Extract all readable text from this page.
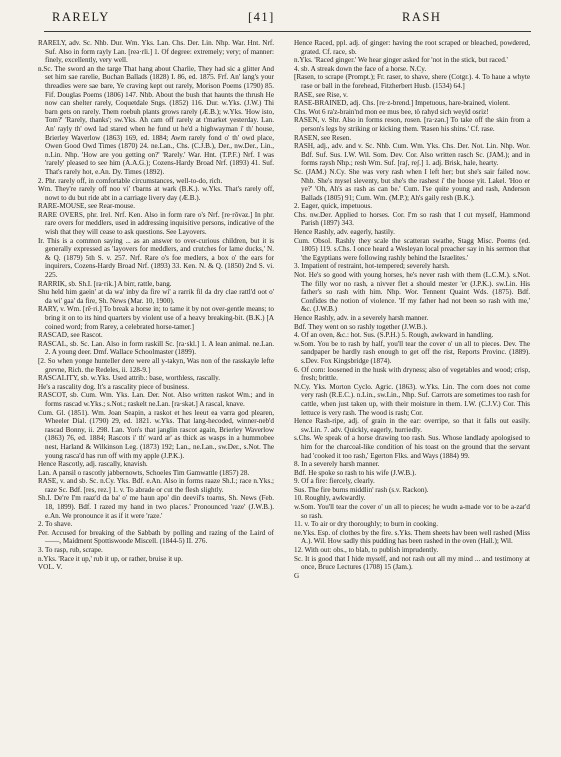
RARELY	[41]	RASH

RARELY, adv. Sc. Nhb. Dur. Wm. Yks. Lan. Chs. Der. Lin. Nhp. War. Hnt. Nrf. Suf. Also in form rayly Lan. [reə·rli.] 1. Of degree: extremely; very; of manner: finely, excellently, very well.

n.Sc. The sword an the targe That hang about Charlie, They had sic a glitter And set him sae rarelie, Buchan Ballads (1828) I. 86, ed. 1875. Frf. An' lang's your threadies were sae bare, Ye craving kept out rarely, Morison Poems (1790) 85. Fif. Douglas Poems (1806) 147. Nhb. About the bush that haunts the thrush He now can shelter rarely, Coquetdale Sngs. (1852) 116. Dur. w.Yks. (J.W.) Thi barn gets on rarely. Them roebuh plants grows rarely (Æ.B.); w.Yks. 'How isto, Tom?' 'Rarely, thanks'; sw.Yks. Ah cam off rarely at t'market yesterday. Lan. An' rayly th' owd lad stared when he fund ut he'd a highwayman i' th' house, Brierley Waverlow (1863) 169, ed. 1884; Awm rarely fond o' th' owd place, Owen Good Owd Times (1870) 24. ne.Lan., Chs. (C.J.B.), Der., nw.Der., Lin., n.Lin. Nhp. 'How are you getting on?' 'Rarely.' War. Hnt. (T.P.F.) Nrf. I was 'rarely' pleased to see him (A.A.G.); Cozens-Hardy Broad Nrf. (1893) 41. Suf. That's rarely hot, e.An. Dy. Times (1892).

2. Phr. rarely off, in comfortable circumstances, well-to-do, rich.

Wm. They're rarely off noo vi' t'barns at wark (B.K.). w.Yks. That's rarely off, nowt to du but ride abt in a carriage livery day (Æ.B.).

RARE-MOUSE, see Rear-mouse.

RARE OVERS, phr. Irel. Nrf. Ken. Also in form rare o's Nrf. [re·rōvəz.] In phr. rare overs for meddlers, used in addressing inquisitive persons, indicative of the wish that they will cease to ask questions. See Layovers.

Ir. This is a common saying ... as an answer to over-curious children, but it is generally expressed as 'layovers for meddlers, and crutches for lame ducks,' N. & Q. (1879) 5th S. v. 257. Nrf. Rare o's foe medlers, a box o' the ears for inquirers, Cozens-Hardy Broad Nrf. (1893) 33. Ken. N. & Q. (1850) 2nd S. vi. 225.

RARRIK, sb. Sh.I. [ra·rik.] A birr, rattle, bang.

Shu held him gaein' at da wa' inby da fire wi' a rarrik fil da dry clae rattl'd oot o' da wi' gaa' da fire, Sh. News (Mar. 10, 1900).

RARY, v. Wm. [rē·ri.] To break a horse in; to tame it by not over-gentle means; to bring it on to its hind quarters by violent use of a heavy breaking-bit. (B.K.) [A coined word; from Rarey, a celebrated horse-tamer.]

RASCAD, see Rascot.

RASCAL, sb. Sc. Lan. Also in form raskill Sc. [ra·skl.] 1. A lean animal. ne.Lan. 2. A young deer. Dmf. Wallace Schoolmaster (1899).

[2. So when yonge hunteller dere were all y-takyn, Was non of the rasskayle lefte grevne, Rich. the Redeles, ii. 128-9.]

RASCALITY, sb. w.Yks. Used attrib.: base, worthless, rascally.

He's a rascality dog. It's a rascality piece of business.

RASCOT, sb. Cum. Wm. Yks. Lan. Der. Not. Also written raskot Wm.; and in forms rascad w.Yks.; s.Not.; raskelt ne.Lan. [ra·skət.] A rascal, knave.

Cum. Gl. (1851). Wm. Joan Seapin, a raskot et hes leeut ea varra god plearen, Wheeler Dial. (1790) 29, ed. 1821. w.Yks. That lang-hecoded, winner-neb'd rascad Bonny, ii. 298. Lan. Yon's that janglin rascot again, Brierley Waverlow (1863) 76, ed. 1884; Rascots i' th' ward ar' as thick as wasps in a hummobee nest, Harland & Wilkinson Leg. (1873) 192; Lan., ne.Lan., sw.Der., s.Not. The young rasca'd has run off with my apple (J.P.K.).

Hence Rascotly, adj. rascally, knavish.

Lan. A pansil o rascotly jabbernowts, Schoeles Tim Gamwattle (1857) 28.

RASE, v. and sb. Sc. n.Cy. Yks. Bdf. e.An. Also in forms raaze Sh.I.; race n.Yks.; raze Sc. Bdf. [res, rez.] 1. v. To abrade or cut the flesh slightly.

Sh.I. De're I'm raaz'd da ba' o' me haun apo' din deevil's toarns, Sh. News (Feb. 18, 1899). Bdf. I razed my hand in two places.' Pronounced 'raze' (J.W.B.). e.An. We pronounce it as if it were 'raze.'

2. To shave.

Per. Accused for breaking of the Sabbath by polling and razing of the Laird of ——, Maidment Spottiswoode Miscell. (1844-5) II. 276.

3. To rasp, rub, scrape.

n.Yks. 'Race it up,' rub it up, or rather, bruise it up.

VOL. V.

Hence Raced, ppl. adj. of ginger: having the root scraped or bleached, powdered, grated. Cf. race, sb.

n.Yks. 'Raced ginger.' We hear ginger asked for 'not in the stick, but raced.'

4. sb. A streak down the face of a horse. N.Cy.

[Rasen, to scrape (Prompt.); Fr. raser, to shave, shere (Cotgr.). 4. To haue a whyte rase or ball in the forehead, Fitzherbert Husb. (1534) 64.]

RASE, see Rise, v.

RASE-BRAINED, adj. Chs. [re·z-brend.] Impetuous, hare-brained, violent.

Chs. Wot 6 ra'z-brain'nd mon ee mus bee, tö rahyd sich weyld osriz!

RASEN, v. Shr. Also in forms reson, rosen. [ra·zən.] To take off the skin from a person's legs by striking or kicking them. 'Rasen his shins.' Cf. rase.

RASEN, see Resen.

RASH, adj., adv. and v. Sc. Nhb. Cum. Wm. Yks. Chs. Der. Not. Lin. Nhp. Wor. Bdf. Suf. Sus. I.W. Wil. Som. Dev. Cor. Also written rasch Sc. (JAM.); and in forms raysh Nhp.; resh Wm. Suf. [raʃ, reʃ.] 1. adj. Brisk, hale, hearty.

Sc. (JAM.) N.Cy. She was very rash when I left her; but she's sair failed now. Nhb. She's mysel sleventy, but she's the rashest i' the hoose yit. Lakel. 'Hoo er ye?' 'Oh, Ah's as rash as can be.' Cum. I'se quite young and rash, Anderson Ballads (1805) 91; Cum. Wm. (M.P.); Ah's gaily resh (B.K.).

2. Eager, quick, impetuous.

Chs. nw.Der. Applied to horses. Cor. I'm so rash that I cut myself, Hammond Parish (1897) 343.

Hence Rashly, adv. eagerly, hastily.

Cum. Obsol. Rashly they scale the scatteran swathe, Stagg Misc. Poems (ed. 1805) 119. s.Chs. I once heard a Wesleyan local preacher say in his sermon that 'the Egyptians were following rashly behind the Israelites.'

3. Impatient of restraint, hot-tempered; severely harsh.

Not. He's so good with young horses, he's never rash with them (L.C.M.). s.Not. The filly wor no rash, a nivver flet a should mester 'er (J.P.K.). sw.Lin. His father's so rash with him. Nhp. Wor. Tennent Quaint Wds. (1875). Bdf. Confides the notion of violence. 'If my father had not been so rash with me,' &c. (J.W.B.)

Hence Rashly, adv. in a severely harsh manner.

Bdf. They went on so rashly together (J.W.B.).

4. Of an oven, &c.: hot. Sus. (S.P.H.) 5. Rough, awkward in handling.

w.Som. You be to rash by half, you'll tear the cover o' un all to pieces. Dev. The sandpaper be hardly rash enough to get off the rist, Reports Provinc. (1889). s.Dev. Fox Kingsbridge (1874).

6. Of corn: loosened in the husk with dryness; also of vegetables and wood; crisp, fresh; brittle.

N.Cy. Yks. Morton Cyclo. Agric. (1863). w.Yks. Lin. The corn does not come very rash (R.E.C.). n.Lin., sw.Lin., Nhp. Suf. Carrots are sometimes too rash for cattle, when just taken up, with their moisture in them. I.W. (C.J.V.) Cor. This lettuce is very rash. The wood is rash; Cor.

Hence Rash-ripe, adj. of grain in the ear: overripe, so that it falls out easily. sw.Lin. 7. adv. Quickly, eagerly, hurriedly.

s.Chs. We speak of a horse drawing too rash. Sus. Whose landlady apologised to him for the charcoal-like condition of his toast on the ground that the servant had 'cooked it too rash,' Egerton Flks. and Ways (1884) 99.

8. In a severely harsh manner.

Bdf. He spoke so rash to his wife (J.W.B.).

9. Of a fire: fiercely, clearly.

Sus. The fire burns middlin' rash (s.v. Rackon).

10. Roughly, awkwardly.

w.Som. You'll tear the cover o' un all to pieces; he wudn a-made vor to be a-zar'd so rash.

11. v. To air or dry thoroughly; to burn in cooking.

ne.Yks. Esp. of clothes by the fire. s.Yks. Them sheets hav been well rashed (Miss A.). Wil. How sadly this pudding has been rashed in the oven (Hall.); Wil.

12. With out: obs., to blab, to publish imprudently.

Sc. It is good that I hide myself, and not rash out all my mind ... and testimony at once, Bruce Lectures (1708) 15 (Jam.).

G
